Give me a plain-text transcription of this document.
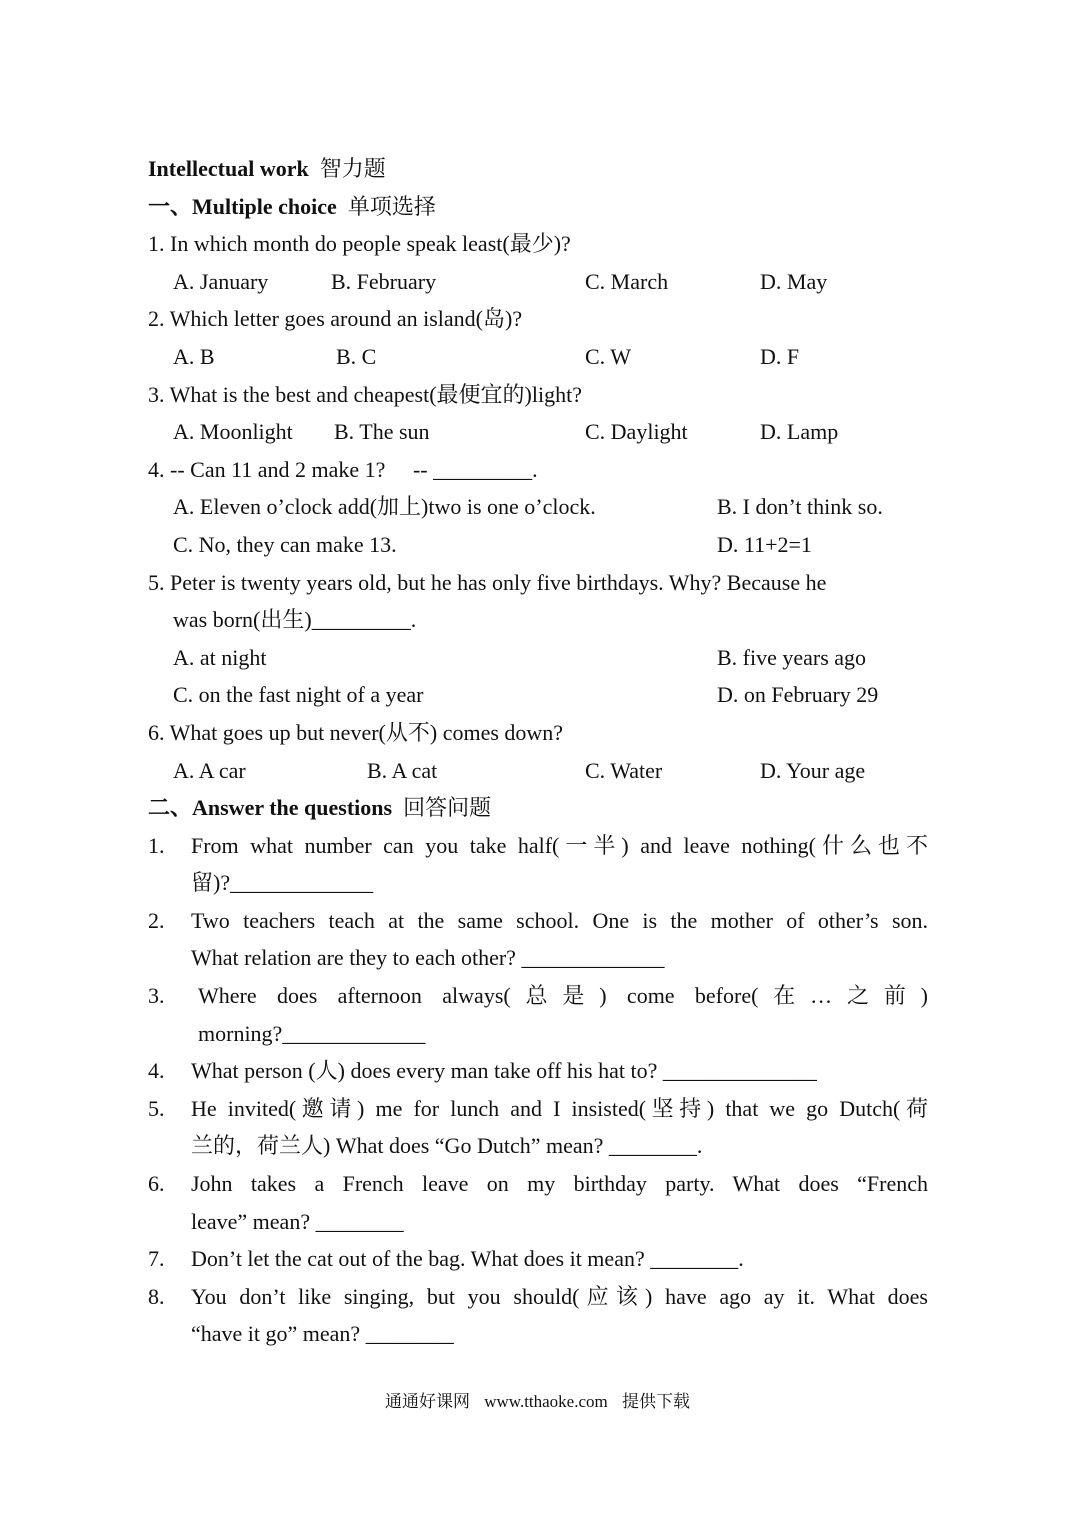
Intellectual work 智力题
一、Multiple choice 单项选择
1. In which month do people speak least(最少)?
A. January	B. February	C. March	D. May
2. Which letter goes around an island(岛)?
A. B	B. C	C. W	D. F
3. What is the best and cheapest(最便宜的)light?
A. Moonlight B. The sun	C. Daylight	D. Lamp
4. -- Can 11 and 2 make 1?     -- _________.
A. Eleven o’clock add(加上)two is one o’clock.	B. I don’t think so.
C. No, they can make 13.	D. 11+2=1
5. Peter is twenty years old, but he has only five birthdays. Why? Because he
was born(出生)_________.
A. at night	B. five years ago
C. on the fast night of a year	D. on February 29
6. What goes up but never(从不) comes down?
A. A car	B. A cat	C. Water	D. Your age
二、Answer the questions 回答问题
1. From what number can you take half(一半) and leave nothing(什么也不
留)?_____________
2. Two teachers teach at the same school. One is the mother of other’s son.
What relation are they to each other? _____________
3. Where does afternoon always(总是) come before(在…之前)
morning?_____________
4. What person (人) does every man take off his hat to? ______________
5. He invited(邀请) me for lunch and I insisted(坚持) that we go Dutch(荷
兰的，荷兰人) What does “Go Dutch” mean? ________.
6. John takes a French leave on my birthday party. What does “French
leave” mean? ________
7. Don’t let the cat out of the bag. What does it mean? ________.
8. You don’t like singing, but you should(应该) have ago ay it. What does
“have it go” mean? ________
通通好课网 www.tthaoke.com 提供下载
